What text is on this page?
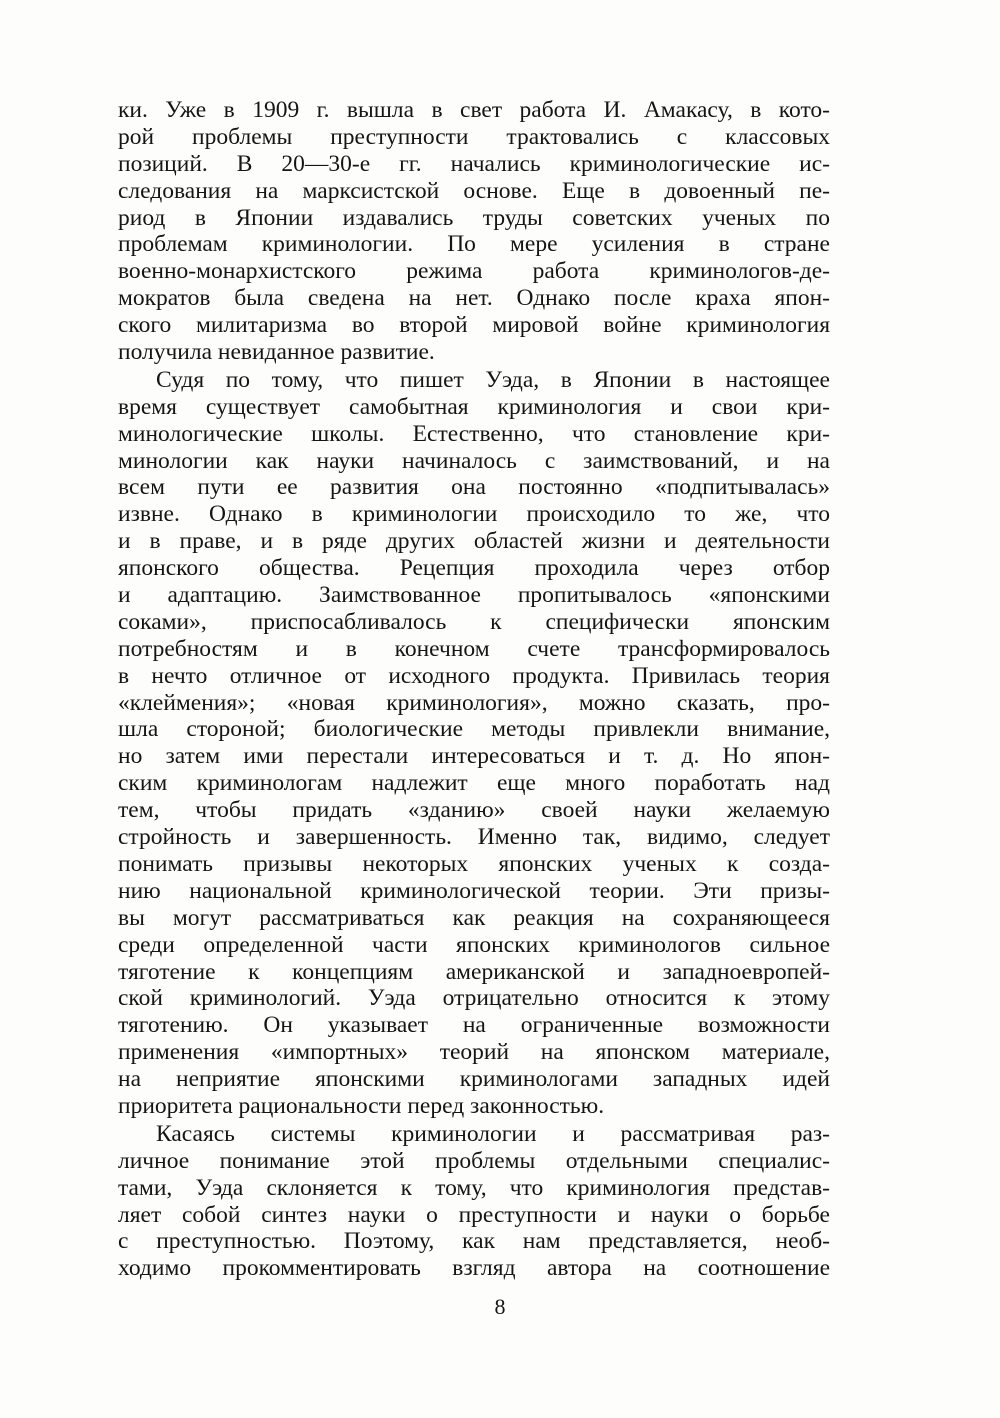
ки. Уже в 1909 г. вышла в свет работа И. Амакасу, в кото-
рой проблемы преступности трактовались с классовых
позиций. В 20—30-е гг. начались криминологические ис-
следования на марксистской основе. Еще в довоенный пе-
риод в Японии издавались труды советских ученых по
проблемам криминологии. По мере усиления в стране
военно-монархистского режима работа криминологов-де-
мократов была сведена на нет. Однако после краха япон-
ского милитаризма во второй мировой войне криминология
получила невиданное развитие.

Судя по тому, что пишет Уэда, в Японии в настоящее
время существует самобытная криминология и свои кри-
минологические школы. Естественно, что становление кри-
минологии как науки начиналось с заимствований, и на
всем пути ее развития она постоянно «подпитывалась»
извне. Однако в криминологии происходило то же, что
и в праве, и в ряде других областей жизни и деятельности
японского общества. Рецепция проходила через отбор
и адаптацию. Заимствованное пропитывалось «японскими
соками», приспосабливалось к специфически японским
потребностям и в конечном счете трансформировалось
в нечто отличное от исходного продукта. Привилась теория
«клеймения»; «новая криминология», можно сказать, про-
шла стороной; биологические методы привлекли внимание,
но затем ими перестали интересоваться и т. д. Но япон-
ским криминологам надлежит еще много поработать над
тем, чтобы придать «зданию» своей науки желаемую
стройность и завершенность. Именно так, видимо, следует
понимать призывы некоторых японских ученых к созда-
нию национальной криминологической теории. Эти призы-
вы могут рассматриваться как реакция на сохраняющееся
среди определенной части японских криминологов сильное
тяготение к концепциям американской и западноевропей-
ской криминологий. Уэда отрицательно относится к этому
тяготению. Он указывает на ограниченные возможности
применения «импортных» теорий на японском материале,
на неприятие японскими криминологами западных идей
приоритета рациональности перед законностью.

Касаясь системы криминологии и рассматривая раз-
личное понимание этой проблемы отдельными специалис-
тами, Уэда склоняется к тому, что криминология представ-
ляет собой синтез науки о преступности и науки о борьбе
с преступностью. Поэтому, как нам представляется, необ-
ходимо прокомментировать взгляд автора на соотношение

8
